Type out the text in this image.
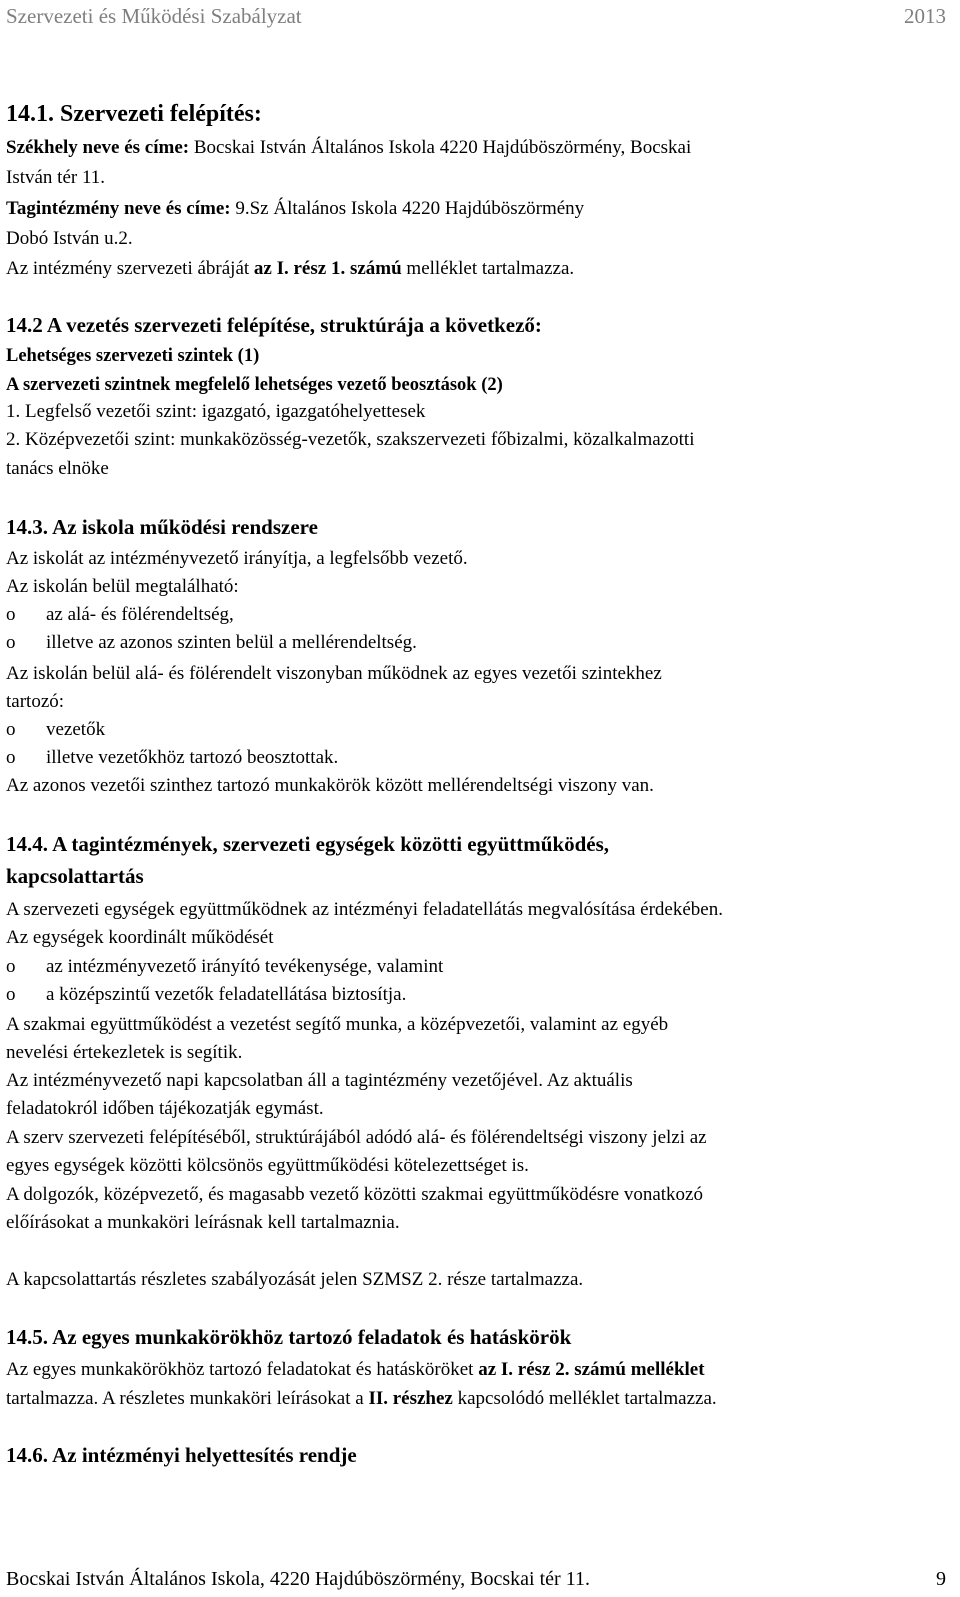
Szervezeti és Működési Szabályzat	2013
14.1. Szervezeti felépítés:
Székhely neve és címe: Bocskai István Általános Iskola 4220 Hajdúböszörmény, Bocskai
István tér 11.
Tagintézmény neve és címe: 9.Sz Általános Iskola 4220 Hajdúböszörmény
Dobó István u.2.
Az intézmény szervezeti ábráját az I. rész 1. számú melléklet tartalmazza.
14.2 A vezetés szervezeti felépítése, struktúrája a következő:
Lehetséges szervezeti szintek (1)
A szervezeti szintnek megfelelő lehetséges vezető beosztások (2)
1. Legfelső vezetői szint: igazgató, igazgatóhelyettesek
2. Középvezetői szint: munkaközösség-vezetők, szakszervezeti főbizalmi, közalkalmazotti
tanács elnöke
14.3. Az iskola működési rendszere
Az iskolát az intézményvezető irányítja, a legfelsőbb vezető.
Az iskolán belül megtalálható:
o az alá- és fölérendeltség,
o illetve az azonos szinten belül a mellérendeltség.
Az iskolán belül alá- és fölérendelt viszonyban működnek az egyes vezetői szintekhez
tartozó:
o vezetők
o illetve vezetőkhöz tartozó beosztottak.
Az azonos vezetői szinthez tartozó munkakörök között mellérendeltségi viszony van.
14.4. A tagintézmények, szervezeti egységek közötti együttműködés,
kapcsolattartás
A szervezeti egységek együttműködnek az intézményi feladatellátás megvalósítása érdekében.
Az egységek koordinált működését
o az intézményvezető irányító tevékenysége, valamint
o a középszintű vezetők feladatellátása biztosítja.
A szakmai együttműködést a vezetést segítő munka, a középvezetői, valamint az egyéb
nevelési értekezletek is segítik.
Az intézményvezető napi kapcsolatban áll a tagintézmény vezetőjével. Az aktuális
feladatokról időben tájékozatják egymást.
A szerv szervezeti felépítéséből, struktúrájából adódó alá- és fölérendeltségi viszony jelzi az
egyes egységek közötti kölcsönös együttműködési kötelezettséget is.
A dolgozók, középvezető, és magasabb vezető közötti szakmai együttműködésre vonatkozó
előírásokat a munkaköri leírásnak kell tartalmaznia.
A kapcsolattartás részletes szabályozását jelen SZMSZ 2. része tartalmazza.
14.5. Az egyes munkakörökhöz tartozó feladatok és hatáskörök
Az egyes munkakörökhöz tartozó feladatokat és hatásköröket az I. rész 2. számú melléklet
tartalmazza. A részletes munkaköri leírásokat a II. részhez kapcsolódó melléklet tartalmazza.
14.6. Az intézményi helyettesítés rendje
Bocskai István Általános Iskola, 4220 Hajdúböszörmény, Bocskai tér 11.	9
